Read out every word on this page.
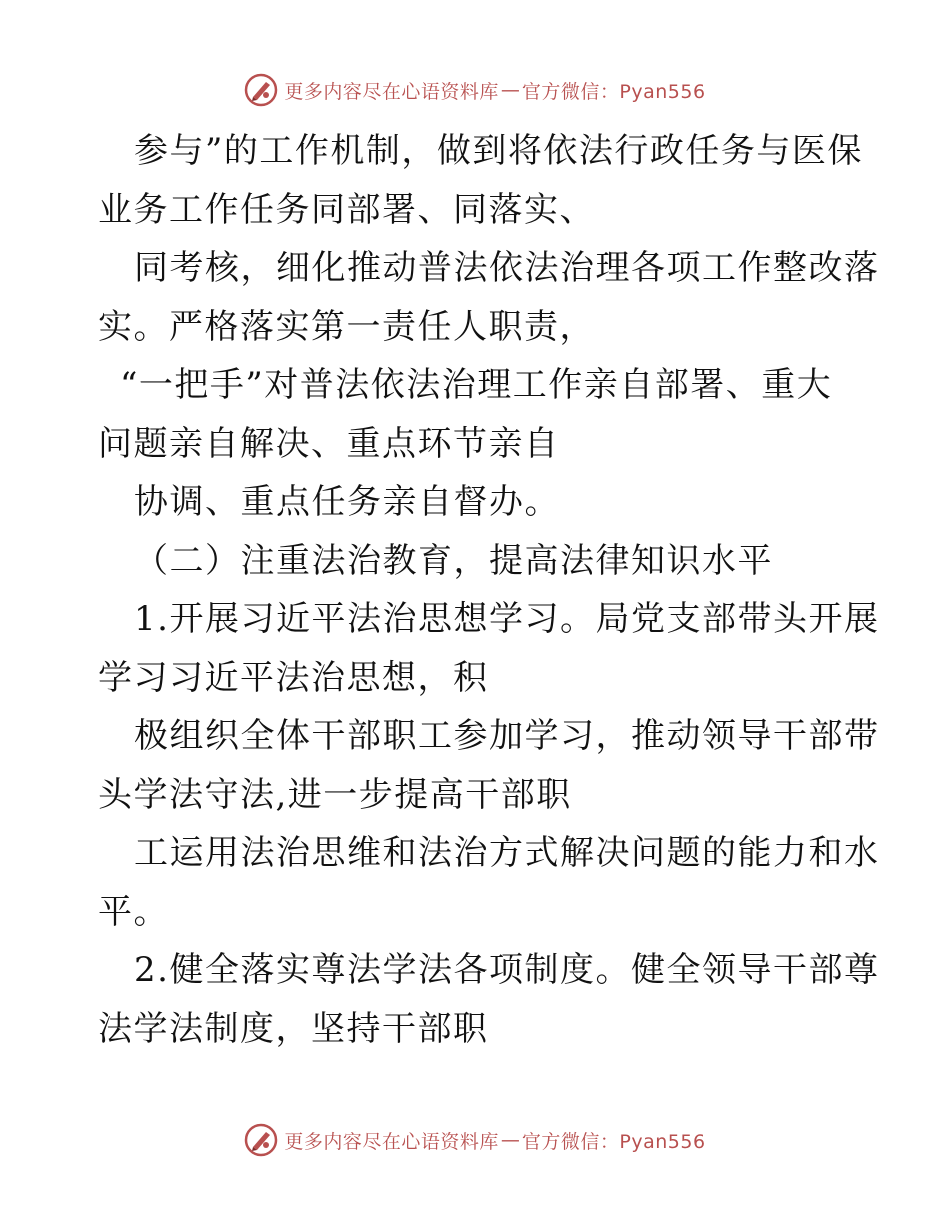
更多内容尽在心语资料库 — 官方微信：Pyan556
参与”的工作机制，做到将依法行政任务与医保
业务工作任务同部署、同落实、
同考核，细化推动普法依法治理各项工作整改落
实。严格落实第一责任人职责，
“一把手”对普法依法治理工作亲自部署、重大
问题亲自解决、重点环节亲自
协调、重点任务亲自督办。
（二）注重法治教育，提高法律知识水平
1.开展习近平法治思想学习。局党支部带头开展
学习习近平法治思想，积
极组织全体干部职工参加学习，推动领导干部带
头学法守法,进一步提高干部职
工运用法治思维和法治方式解决问题的能力和水
平。
2.健全落实尊法学法各项制度。健全领导干部尊
法学法制度，坚持干部职
更多内容尽在心语资料库 — 官方微信：Pyan556
